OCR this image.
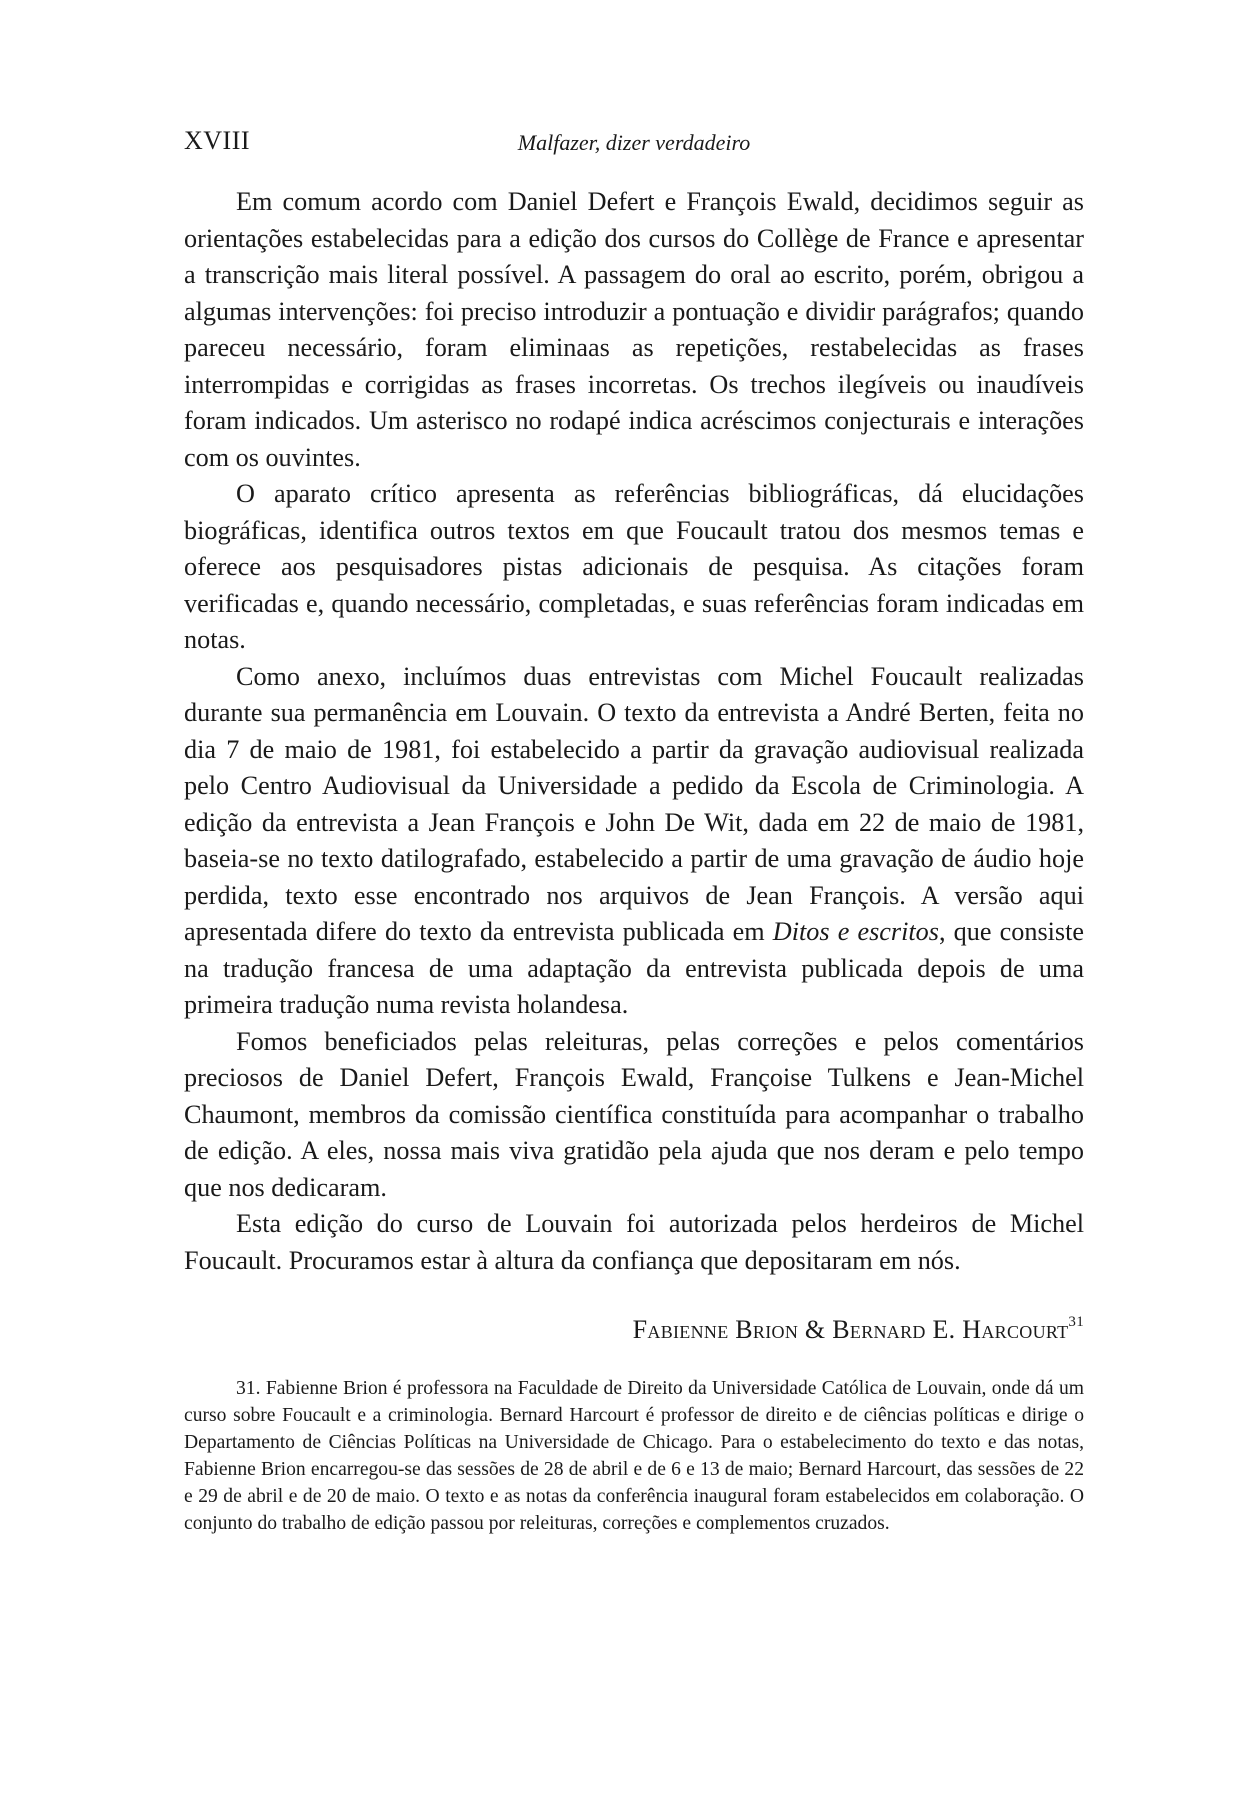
XVIII	Malfazer, dizer verdadeiro

Em comum acordo com Daniel Defert e François Ewald, decidimos seguir as orientações estabelecidas para a edição dos cursos do Collège de France e apresentar a transcrição mais literal possível. A passagem do oral ao escrito, porém, obrigou a algumas intervenções: foi preciso introduzir a pontuação e dividir parágrafos; quando pareceu necessário, foram eliminaas as repetições, restabelecidas as frases interrompidas e corrigidas as frases incorretas. Os trechos ilegíveis ou inaudíveis foram indicados. Um asterisco no rodapé indica acréscimos conjecturais e interações com os ouvintes.

O aparato crítico apresenta as referências bibliográficas, dá elucidações biográficas, identifica outros textos em que Foucault tratou dos mesmos temas e oferece aos pesquisadores pistas adicionais de pesquisa. As citações foram verificadas e, quando necessário, completadas, e suas referências foram indicadas em notas.

Como anexo, incluímos duas entrevistas com Michel Foucault realizadas durante sua permanência em Louvain. O texto da entrevista a André Berten, feita no dia 7 de maio de 1981, foi estabelecido a partir da gravação audiovisual realizada pelo Centro Audiovisual da Universidade a pedido da Escola de Criminologia. A edição da entrevista a Jean François e John De Wit, dada em 22 de maio de 1981, baseia-se no texto datilografado, estabelecido a partir de uma gravação de áudio hoje perdida, texto esse encontrado nos arquivos de Jean François. A versão aqui apresentada difere do texto da entrevista publicada em Ditos e escritos, que consiste na tradução francesa de uma adaptação da entrevista publicada depois de uma primeira tradução numa revista holandesa.

Fomos beneficiados pelas releituras, pelas correções e pelos comentários preciosos de Daniel Defert, François Ewald, Françoise Tulkens e Jean-Michel Chaumont, membros da comissão científica constituída para acompanhar o trabalho de edição. A eles, nossa mais viva gratidão pela ajuda que nos deram e pelo tempo que nos dedicaram.

Esta edição do curso de Louvain foi autorizada pelos herdeiros de Michel Foucault. Procuramos estar à altura da confiança que depositaram em nós.

Fabienne Brion & Bernard E. Harcourt$^{31}$

31. Fabienne Brion é professora na Faculdade de Direito da Universidade Católica de Louvain, onde dá um curso sobre Foucault e a criminologia. Bernard Harcourt é professor de direito e de ciências políticas e dirige o Departamento de Ciências Políticas na Universidade de Chicago. Para o estabelecimento do texto e das notas, Fabienne Brion encarregou-se das sessões de 28 de abril e de 6 e 13 de maio; Bernard Harcourt, das sessões de 22 e 29 de abril e de 20 de maio. O texto e as notas da conferência inaugural foram estabelecidos em colaboração. O conjunto do trabalho de edição passou por releituras, correções e complementos cruzados.
